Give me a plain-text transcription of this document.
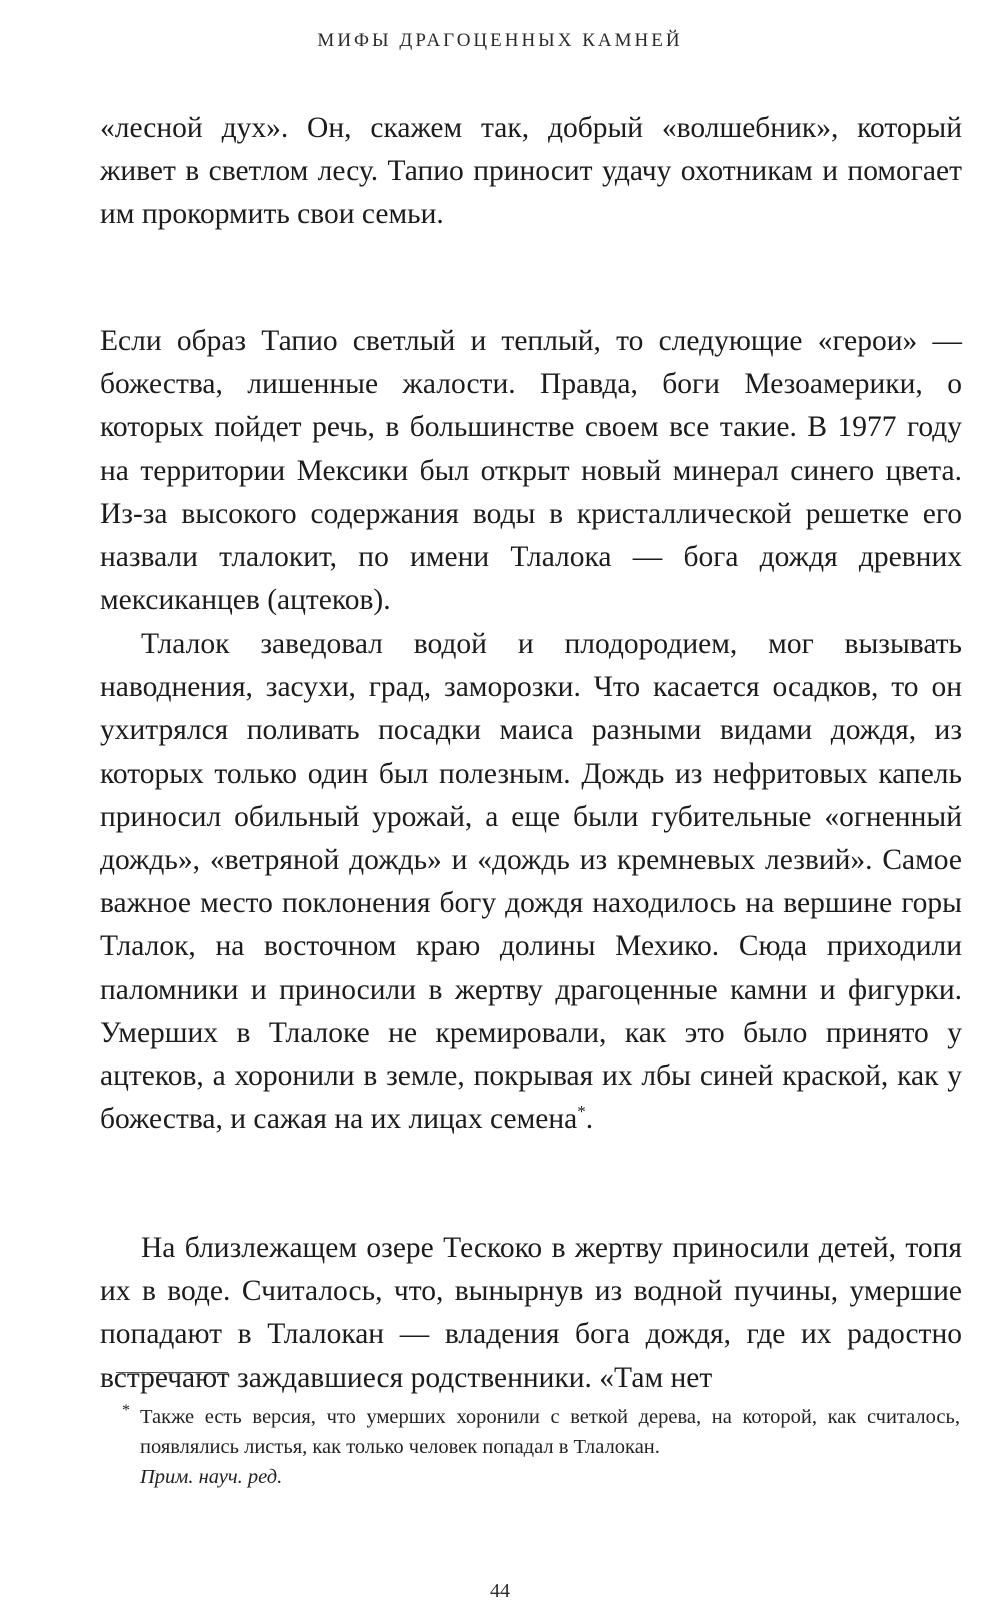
МИФЫ ДРАГОЦЕННЫХ КАМНЕЙ

«лесной дух». Он, скажем так, добрый «волшебник», который живет в светлом лесу. Тапио приносит удачу охотникам и помогает им прокормить свои семьи.

Если образ Тапио светлый и теплый, то следующие «герои» — божества, лишенные жалости. Правда, боги Мезоамерики, о которых пойдет речь, в большинстве своем все такие. В 1977 году на территории Мексики был открыт новый минерал синего цвета. Из-за высокого содержания воды в кристаллической решетке его назвали тлалокит, по имени Тлалока — бога дождя древних мексиканцев (ацтеков).

Тлалок заведовал водой и плодородием, мог вызывать наводнения, засухи, град, заморозки. Что касается осадков, то он ухитрялся поливать посадки маиса разными видами дождя, из которых только один был полезным. Дождь из нефритовых капель приносил обильный урожай, а еще были губительные «огненный дождь», «ветряной дождь» и «дождь из кремневых лезвий». Самое важное место поклонения богу дождя находилось на вершине горы Тлалок, на восточном краю долины Мехико. Сюда приходили паломники и приносили в жертву драгоценные камни и фигурки. Умерших в Тлалоке не кремировали, как это было принято у ацтеков, а хоронили в земле, покрывая их лбы синей краской, как у божества, и сажая на их лицах семена*.

На близлежащем озере Тескоко в жертву приносили детей, топя их в воде. Считалось, что, вынырнув из водной пучины, умершие попадают в Тлалокан — владения бога дождя, где их радостно встречают заждавшиеся родственники. «Там нет

* Также есть версия, что умерших хоронили с веткой дерева, на которой, как считалось, появлялись листья, как только человек попадал в Тлалокан.
Прим. науч. ред.

44
